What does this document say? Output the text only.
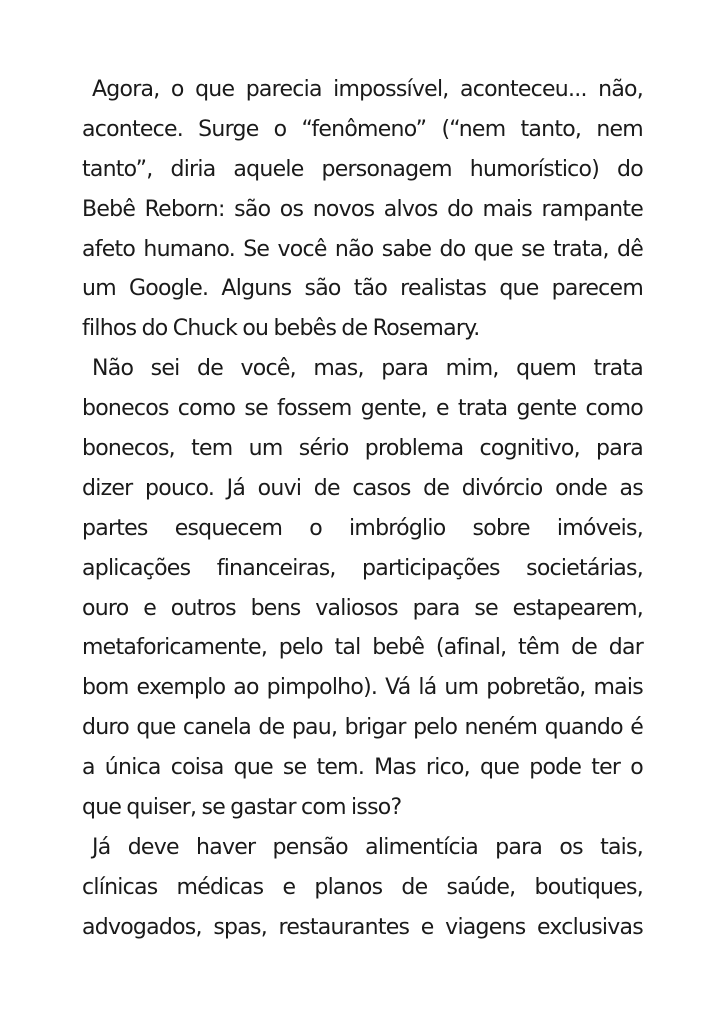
Agora, o que parecia impossível, aconteceu... não,
acontece. Surge o “fenômeno” (“nem tanto, nem
tanto”, diria aquele personagem humorístico) do
Bebê Reborn: são os novos alvos do mais rampante
afeto humano. Se você não sabe do que se trata, dê
um Google. Alguns são tão realistas que parecem
filhos do Chuck ou bebês de Rosemary.
Não sei de você, mas, para mim, quem trata
bonecos como se fossem gente, e trata gente como
bonecos, tem um sério problema cognitivo, para
dizer pouco. Já ouvi de casos de divórcio onde as
partes esquecem o imbróglio sobre imóveis,
aplicações financeiras, participações societárias,
ouro e outros bens valiosos para se estapearem,
metaforicamente, pelo tal bebê (afinal, têm de dar
bom exemplo ao pimpolho). Vá lá um pobretão, mais
duro que canela de pau, brigar pelo neném quando é
a única coisa que se tem. Mas rico, que pode ter o
que quiser, se gastar com isso?
Já deve haver pensão alimentícia para os tais,
clínicas médicas e planos de saúde, boutiques,
advogados, spas, restaurantes e viagens exclusivas
